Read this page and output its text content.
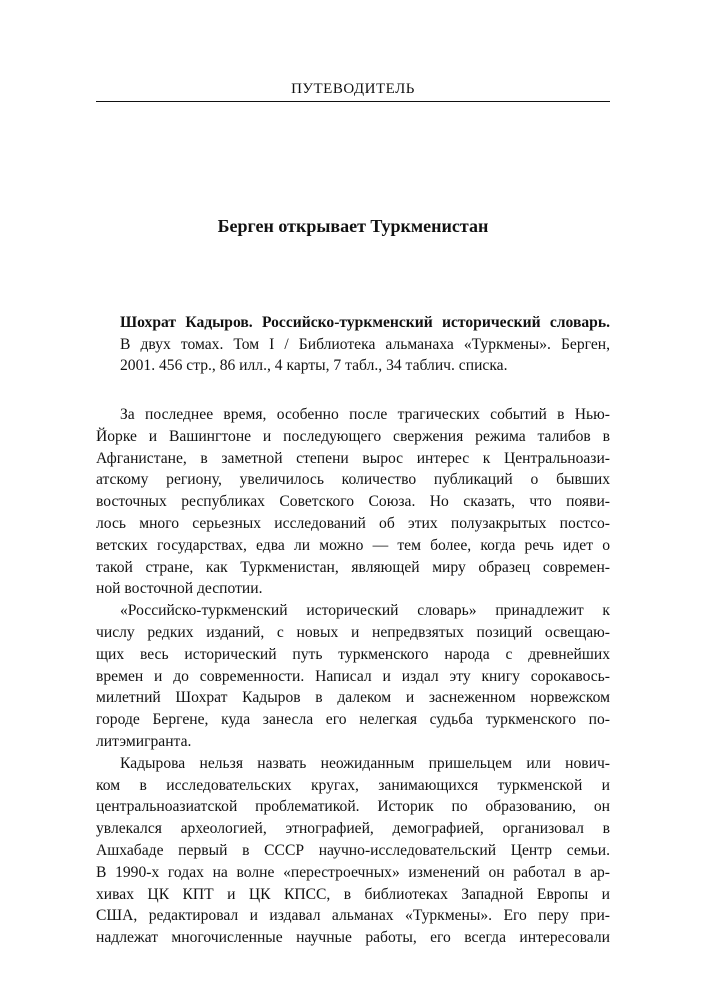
ПУТЕВОДИТЕЛЬ
Берген открывает Туркменистан
Шохрат Кадыров. Российско-туркменский исторический словарь.
В двух томах. Том I / Библиотека альманаха «Туркмены». Берген,
2001. 456 стр., 86 илл., 4 карты, 7 табл., 34 таблич. списка.
За последнее время, особенно после трагических событий в Нью-
Йорке и Вашингтоне и последующего свержения режима талибов в
Афганистане, в заметной степени вырос интерес к Центральноази-
атскому региону, увеличилось количество публикаций о бывших
восточных республиках Советского Союза. Но сказать, что появи-
лось много серьезных исследований об этих полузакрытых постсо-
ветских государствах, едва ли можно — тем более, когда речь идет о
такой стране, как Туркменистан, являющей миру образец современ-
ной восточной деспотии.
«Российско-туркменский исторический словарь» принадлежит к
числу редких изданий, с новых и непредвзятых позиций освещаю-
щих весь исторический путь туркменского народа с древнейших
времен и до современности. Написал и издал эту книгу сорокавось-
милетний Шохрат Кадыров в далеком и заснеженном норвежском
городе Бергене, куда занесла его нелегкая судьба туркменского по-
литэмигранта.
Кадырова нельзя назвать неожиданным пришельцем или нович-
ком в исследовательских кругах, занимающихся туркменской и
центральноазиатской проблематикой. Историк по образованию, он
увлекался археологией, этнографией, демографией, организовал в
Ашхабаде первый в СССР научно-исследовательский Центр семьи.
В 1990-х годах на волне «перестроечных» изменений он работал в ар-
хивах ЦК КПТ и ЦК КПСС, в библиотеках Западной Европы и
США, редактировал и издавал альманах «Туркмены». Его перу при-
надлежат многочисленные научные работы, его всегда интересовали
